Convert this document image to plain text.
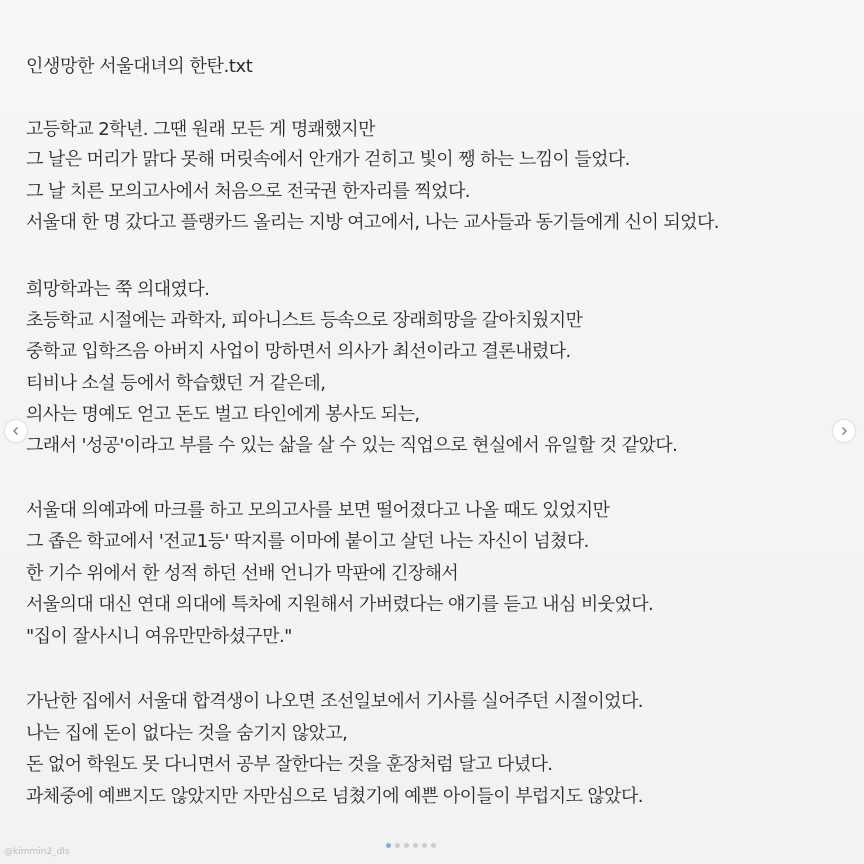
인생망한 서울대녀의 한탄.txt
고등학교 2학년. 그땐 원래 모든 게 명쾌했지만
그 날은 머리가 맑다 못해 머릿속에서 안개가 걷히고 빛이 쨍 하는 느낌이 들었다.
그 날 치른 모의고사에서 처음으로 전국권 한자리를 찍었다.
서울대 한 명 갔다고 플랭카드 올리는 지방 여고에서, 나는 교사들과 동기들에게 신이 되었다.
희망학과는 쭉 의대였다.
초등학교 시절에는 과학자, 피아니스트 등속으로 장래희망을 갈아치웠지만
중학교 입학즈음 아버지 사업이 망하면서 의사가 최선이라고 결론내렸다.
티비나 소설 등에서 학습했던 거 같은데,
의사는 명예도 얻고 돈도 벌고 타인에게 봉사도 되는,
그래서 '성공'이라고 부를 수 있는 삶을 살 수 있는 직업으로 현실에서 유일할 것 같았다.
서울대 의예과에 마크를 하고 모의고사를 보면 떨어졌다고 나올 때도 있었지만
그 좁은 학교에서 '전교1등' 딱지를 이마에 붙이고 살던 나는 자신이 넘쳤다.
한 기수 위에서 한 성적 하던 선배 언니가 막판에 긴장해서
서울의대 대신 연대 의대에 특차에 지원해서 가버렸다는 얘기를 듣고 내심 비웃었다.
"집이 잘사시니 여유만만하셨구만."
가난한 집에서 서울대 합격생이 나오면 조선일보에서 기사를 실어주던 시절이었다.
나는 집에 돈이 없다는 것을 숨기지 않았고,
돈 없어 학원도 못 다니면서 공부 잘한다는 것을 훈장처럼 달고 다녔다.
과체중에 예쁘지도 않았지만 자만심으로 넘쳤기에 예쁜 아이들이 부럽지도 않았다.
@kimmin2_dls
